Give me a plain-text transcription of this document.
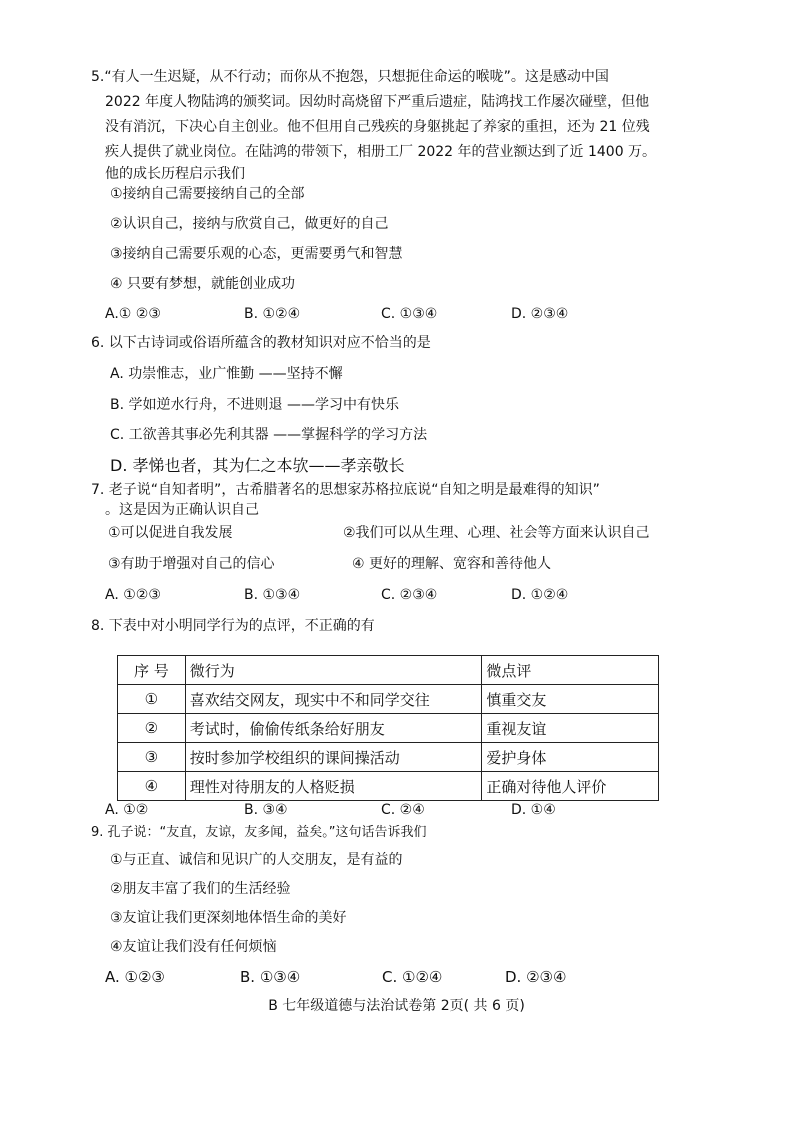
5.“有人一生迟疑，从不行动；而你从不抱怨，只想扼住命运的喉咙”。这是感动中国
2022 年度人物陆鸿的颁奖词。因幼时高烧留下严重后遗症，陆鸿找工作屡次碰壁，但他
没有消沉，下决心自主创业。他不但用自己残疾的身躯挑起了养家的重担，还为 21 位残
疾人提供了就业岗位。在陆鸿的带领下，相册工厂 2022 年的营业额达到了近 1400 万。
他的成长历程启示我们
①接纳自己需要接纳自己的全部
②认识自己，接纳与欣赏自己，做更好的自己
③接纳自己需要乐观的心态，更需要勇气和智慧
④ 只要有梦想，就能创业成功
A.① ②③	B. ①②④	C. ①③④	D. ②③④
6. 以下古诗词或俗语所蕴含的教材知识对应不恰当的是
A. 功崇惟志，业广惟勤 ——坚持不懈
B. 学如逆水行舟，不进则退 ——学习中有快乐
C. 工欲善其事必先利其器 ——掌握科学的学习方法
D. 孝悌也者，其为仁之本欤——孝亲敬长
7. 老子说“自知者明”，古希腊著名的思想家苏格拉底说“自知之明是最难得的知识”
。这是因为正确认识自己
①可以促进自我发展	②我们可以从生理、心理、社会等方面来认识自己
③有助于增强对自己的信心	④ 更好的理解、宽容和善待他人
A. ①②③	B. ①③④	C. ②③④	D. ①②④
8. 下表中对小明同学行为的点评，不正确的有
序 号	微行为	微点评
①	喜欢结交网友，现实中不和同学交往	慎重交友
②	考试时，偷偷传纸条给好朋友	重视友谊
③	按时参加学校组织的课间操活动	爱护身体
④	理性对待朋友的人格贬损	正确对待他人评价
A. ①②	B. ③④	C. ②④	D. ①④
9. 孔子说：“友直，友谅，友多闻，益矣。”这句话告诉我们
①与正直、诚信和见识广的人交朋友，是有益的
②朋友丰富了我们的生活经验
③友谊让我们更深刻地体悟生命的美好
④友谊让我们没有任何烦恼
A. ①②③	B. ①③④	C. ①②④	D. ②③④
B 七年级道德与法治试卷第 2页( 共 6 页)
